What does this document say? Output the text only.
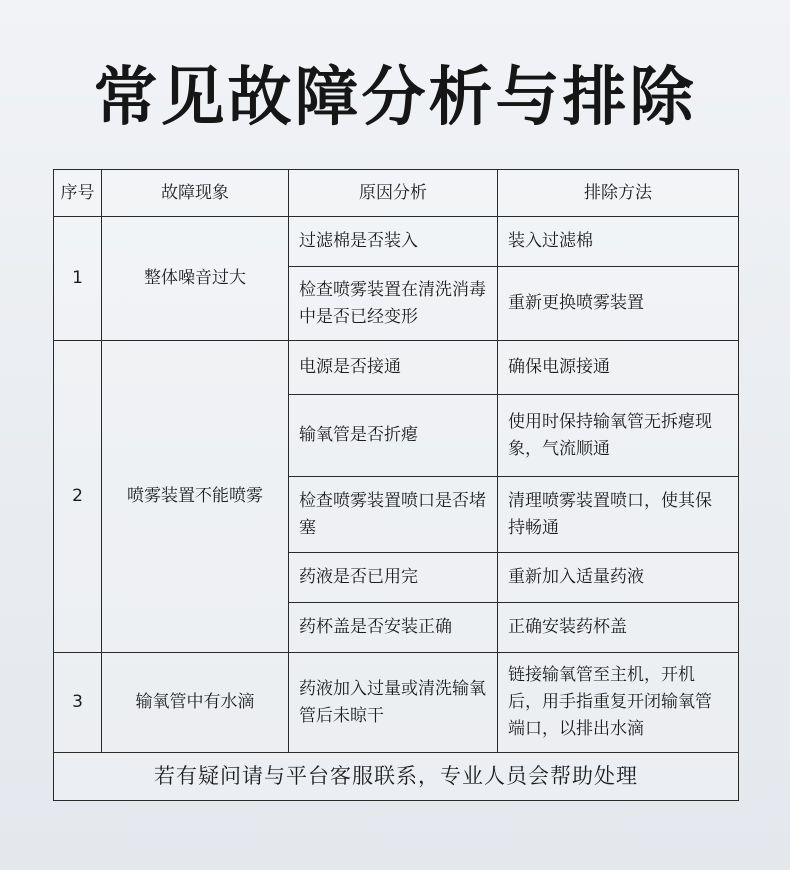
常见故障分析与排除
序号	故障现象	原因分析	排除方法
1	整体噪音过大	过滤棉是否装入	装入过滤棉
		检查喷雾装置在清洗消毒中是否已经变形	重新更换喷雾装置
2	喷雾装置不能喷雾	电源是否接通	确保电源接通
		输氧管是否折瘪	使用时保持输氧管无拆瘪现象，气流顺通
		检查喷雾装置喷口是否堵塞	清理喷雾装置喷口，使其保持畅通
		药液是否已用完	重新加入适量药液
		药杯盖是否安装正确	正确安装药杯盖
3	输氧管中有水滴	药液加入过量或清洗输氧管后未晾干	链接输氧管至主机，开机后，用手指重复开闭输氧管端口，以排出水滴
若有疑问请与平台客服联系，专业人员会帮助处理			
